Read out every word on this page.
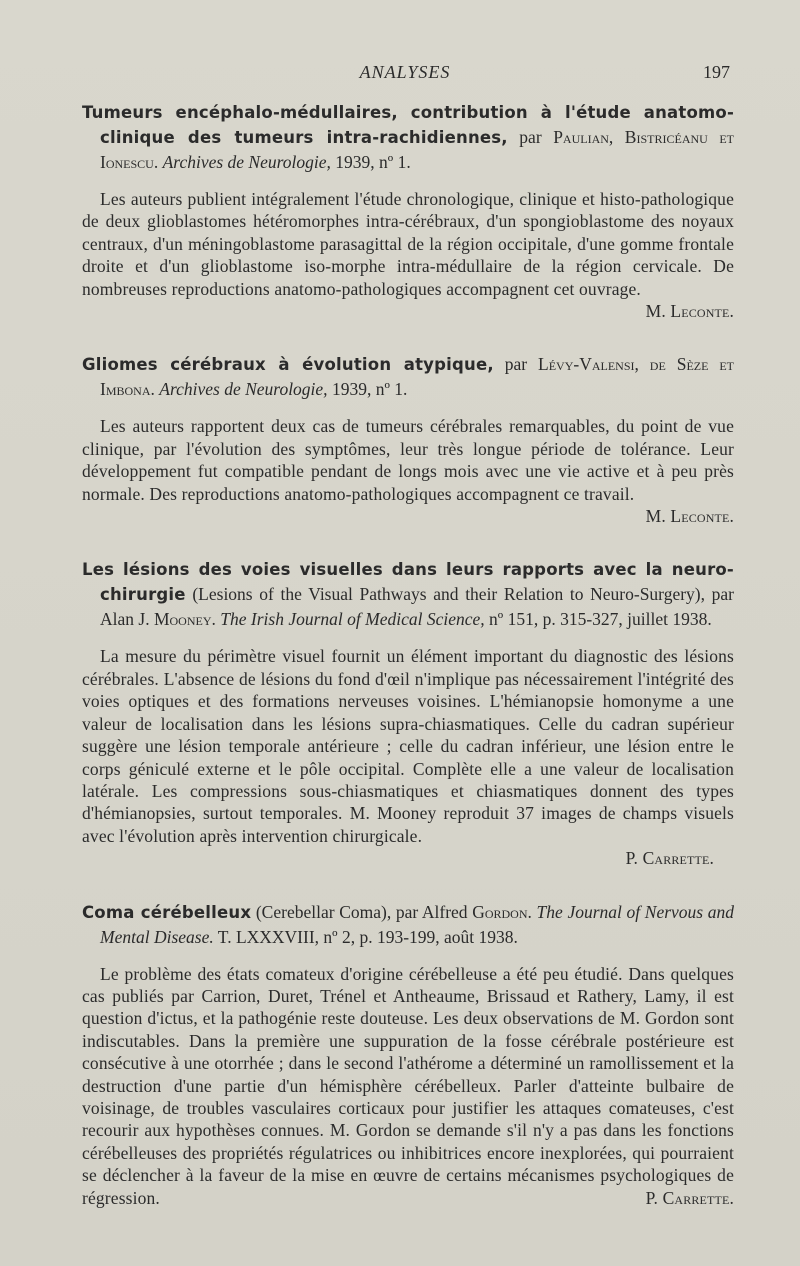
ANALYSES	197

Tumeurs encéphalo-médullaires, contribution à l'étude anatomo-clinique des tumeurs intra-rachidiennes, par Paulian, Bistricéanu et Ionescu. Archives de Neurologie, 1939, nº 1.

Les auteurs publient intégralement l'étude chronologique, clinique et histo-pathologique de deux glioblastomes hétéromorphes intra-cérébraux, d'un spongioblastome des noyaux centraux, d'un méningoblastome parasagittal de la région occipitale, d'une gomme frontale droite et d'un glioblastome iso-morphe intra-médullaire de la région cervicale. De nombreuses reproductions anatomo-pathologiques accompagnent cet ouvrage.
M. Leconte.

Gliomes cérébraux à évolution atypique, par Lévy-Valensi, de Sèze et Imbona. Archives de Neurologie, 1939, nº 1.

Les auteurs rapportent deux cas de tumeurs cérébrales remarquables, du point de vue clinique, par l'évolution des symptômes, leur très longue période de tolérance. Leur développement fut compatible pendant de longs mois avec une vie active et à peu près normale. Des reproductions anatomo-pathologiques accompagnent ce travail.
M. Leconte.

Les lésions des voies visuelles dans leurs rapports avec la neuro-chirurgie (Lesions of the Visual Pathways and their Relation to Neuro-Surgery), par Alan J. Mooney. The Irish Journal of Medical Science, nº 151, p. 315-327, juillet 1938.

La mesure du périmètre visuel fournit un élément important du diagnostic des lésions cérébrales. L'absence de lésions du fond d'œil n'implique pas nécessairement l'intégrité des voies optiques et des formations nerveuses voisines. L'hémianopsie homonyme a une valeur de localisation dans les lésions supra-chiasmatiques. Celle du cadran supérieur suggère une lésion temporale antérieure ; celle du cadran inférieur, une lésion entre le corps géniculé externe et le pôle occipital. Complète elle a une valeur de localisation latérale. Les compressions sous-chiasmatiques et chiasmatiques donnent des types d'hémianopsies, surtout temporales. M. Mooney reproduit 37 images de champs visuels avec l'évolution après intervention chirurgicale.
P. Carrette.

Coma cérébelleux (Cerebellar Coma), par Alfred Gordon. The Journal of Nervous and Mental Disease. T. LXXXVIII, nº 2, p. 193-199, août 1938.

Le problème des états comateux d'origine cérébelleuse a été peu étudié. Dans quelques cas publiés par Carrion, Duret, Trénel et Antheaume, Brissaud et Rathery, Lamy, il est question d'ictus, et la pathogénie reste douteuse. Les deux observations de M. Gordon sont indiscutables. Dans la première une suppuration de la fosse cérébrale postérieure est consécutive à une otorrhée ; dans le second l'athérome a déterminé un ramollissement et la destruction d'une partie d'un hémisphère cérébelleux. Parler d'atteinte bulbaire de voisinage, de troubles vasculaires corticaux pour justifier les attaques comateuses, c'est recourir aux hypothèses connues. M. Gordon se demande s'il n'y a pas dans les fonctions cérébelleuses des propriétés régulatrices ou inhibitrices encore inexplorées, qui pourraient se déclencher à la faveur de la mise en œuvre de certains mécanismes psychologiques de régression.	P. Carrette.
